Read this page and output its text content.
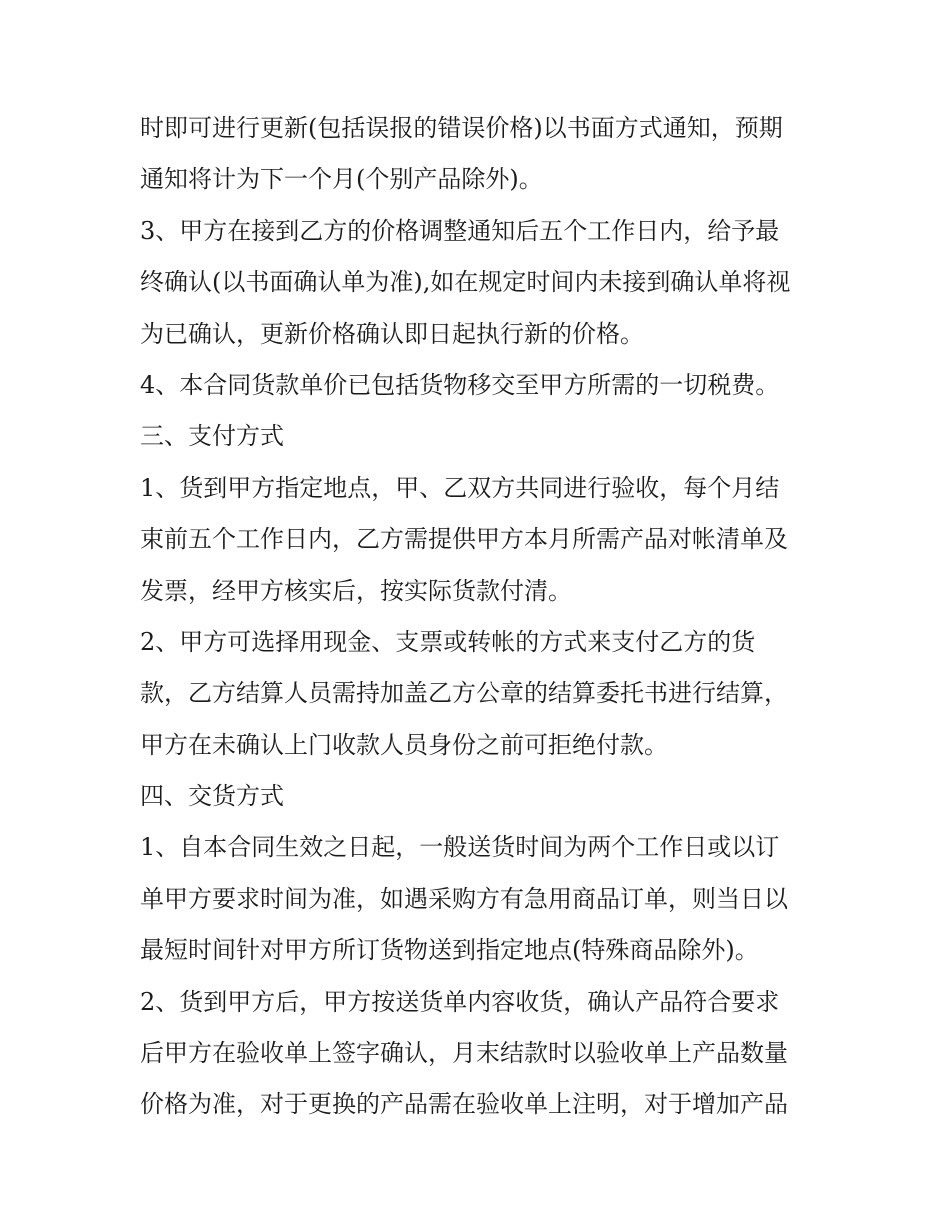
时即可进行更新(包括误报的错误价格)以书面方式通知，预期
通知将计为下一个月(个别产品除外)。
3、甲方在接到乙方的价格调整通知后五个工作日内，给予最
终确认(以书面确认单为准),如在规定时间内未接到确认单将视
为已确认，更新价格确认即日起执行新的价格。
4、本合同货款单价已包括货物移交至甲方所需的一切税费。
三、支付方式
1、货到甲方指定地点，甲、乙双方共同进行验收，每个月结
束前五个工作日内，乙方需提供甲方本月所需产品对帐清单及
发票，经甲方核实后，按实际货款付清。
2、甲方可选择用现金、支票或转帐的方式来支付乙方的货
款，乙方结算人员需持加盖乙方公章的结算委托书进行结算，
甲方在未确认上门收款人员身份之前可拒绝付款。
四、交货方式
1、自本合同生效之日起，一般送货时间为两个工作日或以订
单甲方要求时间为准，如遇采购方有急用商品订单，则当日以
最短时间针对甲方所订货物送到指定地点(特殊商品除外)。
2、货到甲方后，甲方按送货单内容收货，确认产品符合要求
后甲方在验收单上签字确认，月末结款时以验收单上产品数量
价格为准，对于更换的产品需在验收单上注明，对于增加产品
